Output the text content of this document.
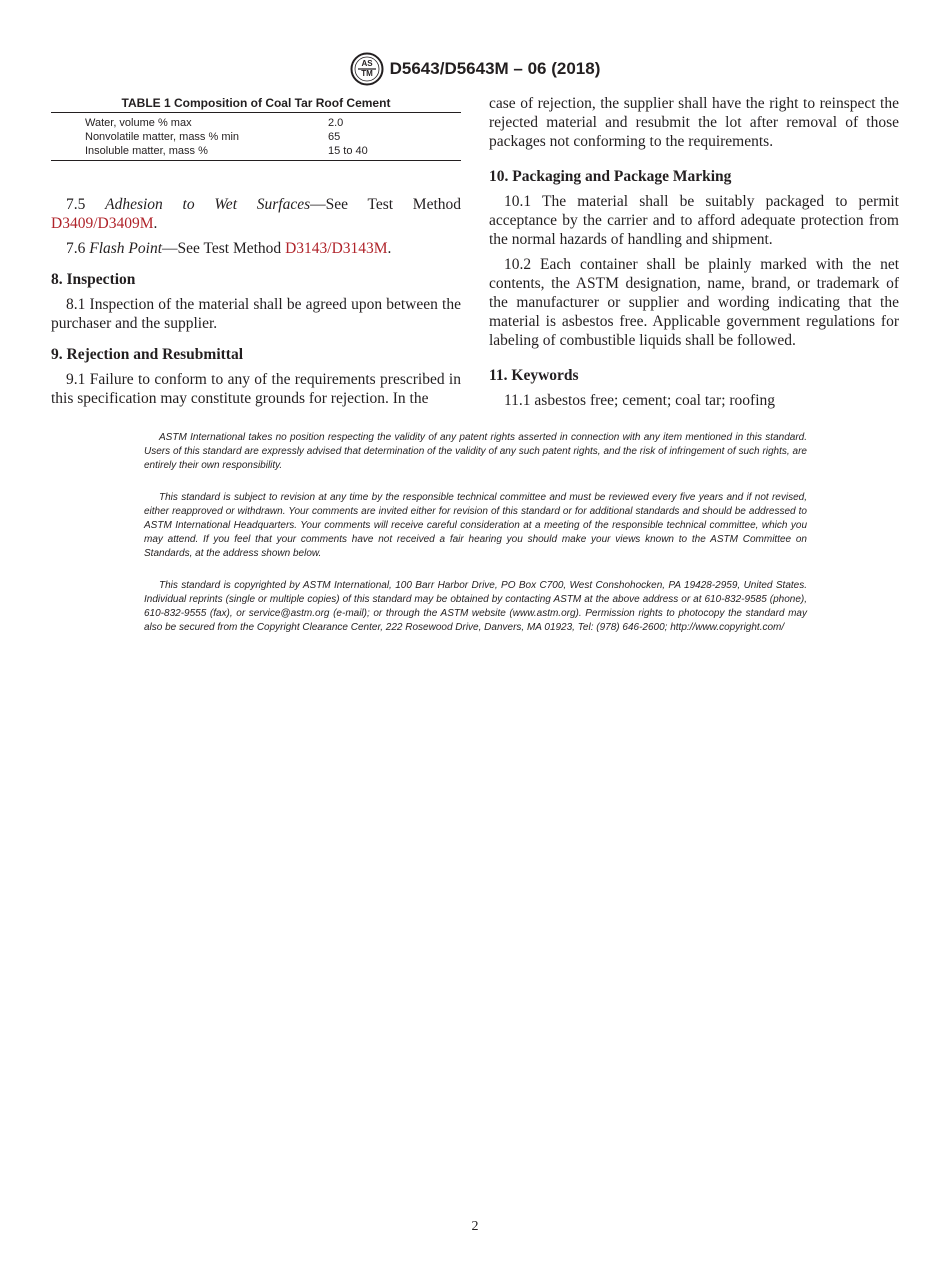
AS
TM D5643/D5643M – 06 (2018)
TABLE 1 Composition of Coal Tar Roof Cement
Water, volume % max	2.0
Nonvolatile matter, mass % min	65
Insoluble matter, mass %	15 to 40

7.5 Adhesion to Wet Surfaces—See Test Method D3409/D3409M.

7.6 Flash Point—See Test Method D3143/D3143M.

8. Inspection

8.1 Inspection of the material shall be agreed upon between the purchaser and the supplier.

9. Rejection and Resubmittal

9.1 Failure to conform to any of the requirements prescribed in this specification may constitute grounds for rejection. In the

case of rejection, the supplier shall have the right to reinspect the rejected material and resubmit the lot after removal of those packages not conforming to the requirements.

10. Packaging and Package Marking

10.1 The material shall be suitably packaged to permit acceptance by the carrier and to afford adequate protection from the normal hazards of handling and shipment.

10.2 Each container shall be plainly marked with the net contents, the ASTM designation, name, brand, or trademark of the manufacturer or supplier and wording indicating that the material is asbestos free. Applicable government regulations for labeling of combustible liquids shall be followed.

11. Keywords

11.1 asbestos free; cement; coal tar; roofing

ASTM International takes no position respecting the validity of any patent rights asserted in connection with any item mentioned in this standard. Users of this standard are expressly advised that determination of the validity of any such patent rights, and the risk of infringement of such rights, are entirely their own responsibility.

This standard is subject to revision at any time by the responsible technical committee and must be reviewed every five years and if not revised, either reapproved or withdrawn. Your comments are invited either for revision of this standard or for additional standards and should be addressed to ASTM International Headquarters. Your comments will receive careful consideration at a meeting of the responsible technical committee, which you may attend. If you feel that your comments have not received a fair hearing you should make your views known to the ASTM Committee on Standards, at the address shown below.

This standard is copyrighted by ASTM International, 100 Barr Harbor Drive, PO Box C700, West Conshohocken, PA 19428-2959, United States. Individual reprints (single or multiple copies) of this standard may be obtained by contacting ASTM at the above address or at 610-832-9585 (phone), 610-832-9555 (fax), or service@astm.org (e-mail); or through the ASTM website (www.astm.org). Permission rights to photocopy the standard may also be secured from the Copyright Clearance Center, 222 Rosewood Drive, Danvers, MA 01923, Tel: (978) 646-2600; http://www.copyright.com/

2
